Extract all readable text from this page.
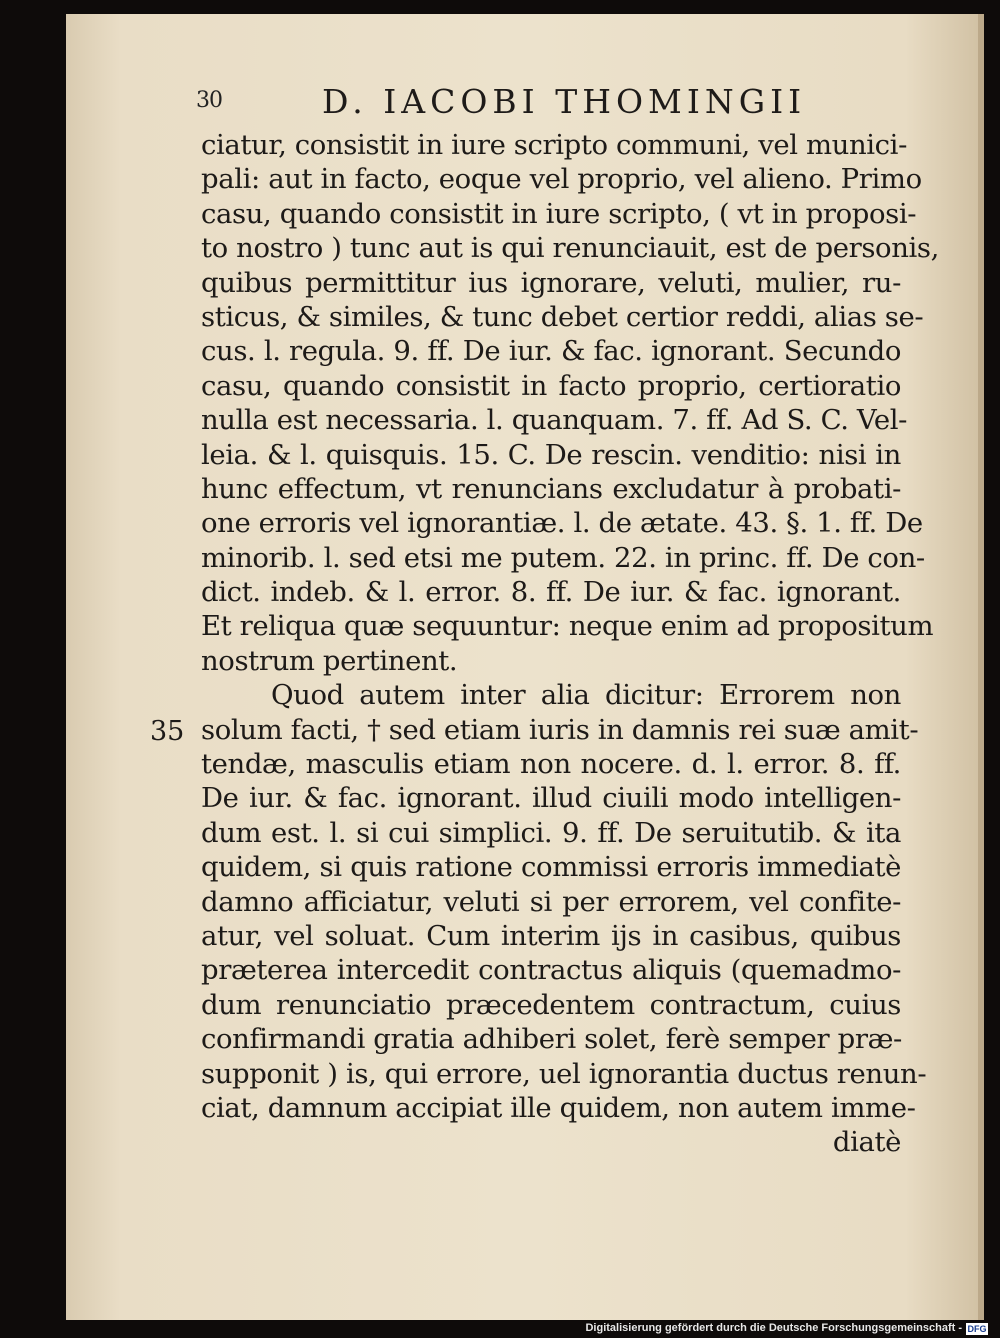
30	D. IACOBI THOMINGII
35
ciatur, consistit in iure scripto communi, vel munici-
pali: aut in facto, eoque vel proprio, vel alieno. Primo
casu, quando consistit in iure scripto, ( vt in proposi-
to nostro ) tunc aut is qui renunciauit, est de personis,
quibus permittitur ius ignorare, veluti, mulier, ru-
sticus, & similes, & tunc debet certior reddi, alias se-
cus. l. regula. 9. ff. De iur. & fac. ignorant. Secundo
casu, quando consistit in facto proprio, certioratio
nulla est necessaria. l. quanquam. 7. ff. Ad S. C. Vel-
leia. & l. quisquis. 15. C. De rescin. venditio: nisi in
hunc effectum, vt renuncians excludatur à probati-
one erroris vel ignorantiæ. l. de ætate. 43. §. 1. ff. De
minorib. l. sed etsi me putem. 22. in princ. ff. De con-
dict. indeb. & l. error. 8. ff. De iur. & fac. ignorant.
Et reliqua quæ sequuntur: neque enim ad propositum
nostrum pertinent.
Quod autem inter alia dicitur: Errorem non
solum facti, † sed etiam iuris in damnis rei suæ amit-
tendæ, masculis etiam non nocere. d. l. error. 8. ff.
De iur. & fac. ignorant. illud ciuili modo intelligen-
dum est. l. si cui simplici. 9. ff. De seruitutib. & ita
quidem, si quis ratione commissi erroris immediatè
damno afficiatur, veluti si per errorem, vel confite-
atur, vel soluat. Cum interim ijs in casibus, quibus
præterea intercedit contractus aliquis (quemadmo-
dum renunciatio præcedentem contractum, cuius
confirmandi gratia adhiberi solet, ferè semper præ-
supponit ) is, qui errore, uel ignorantia ductus renun-
ciat, damnum accipiat ille quidem, non autem imme-
diatè
Digitalisierung gefördert durch die Deutsche Forschungsgemeinschaft - DFG
